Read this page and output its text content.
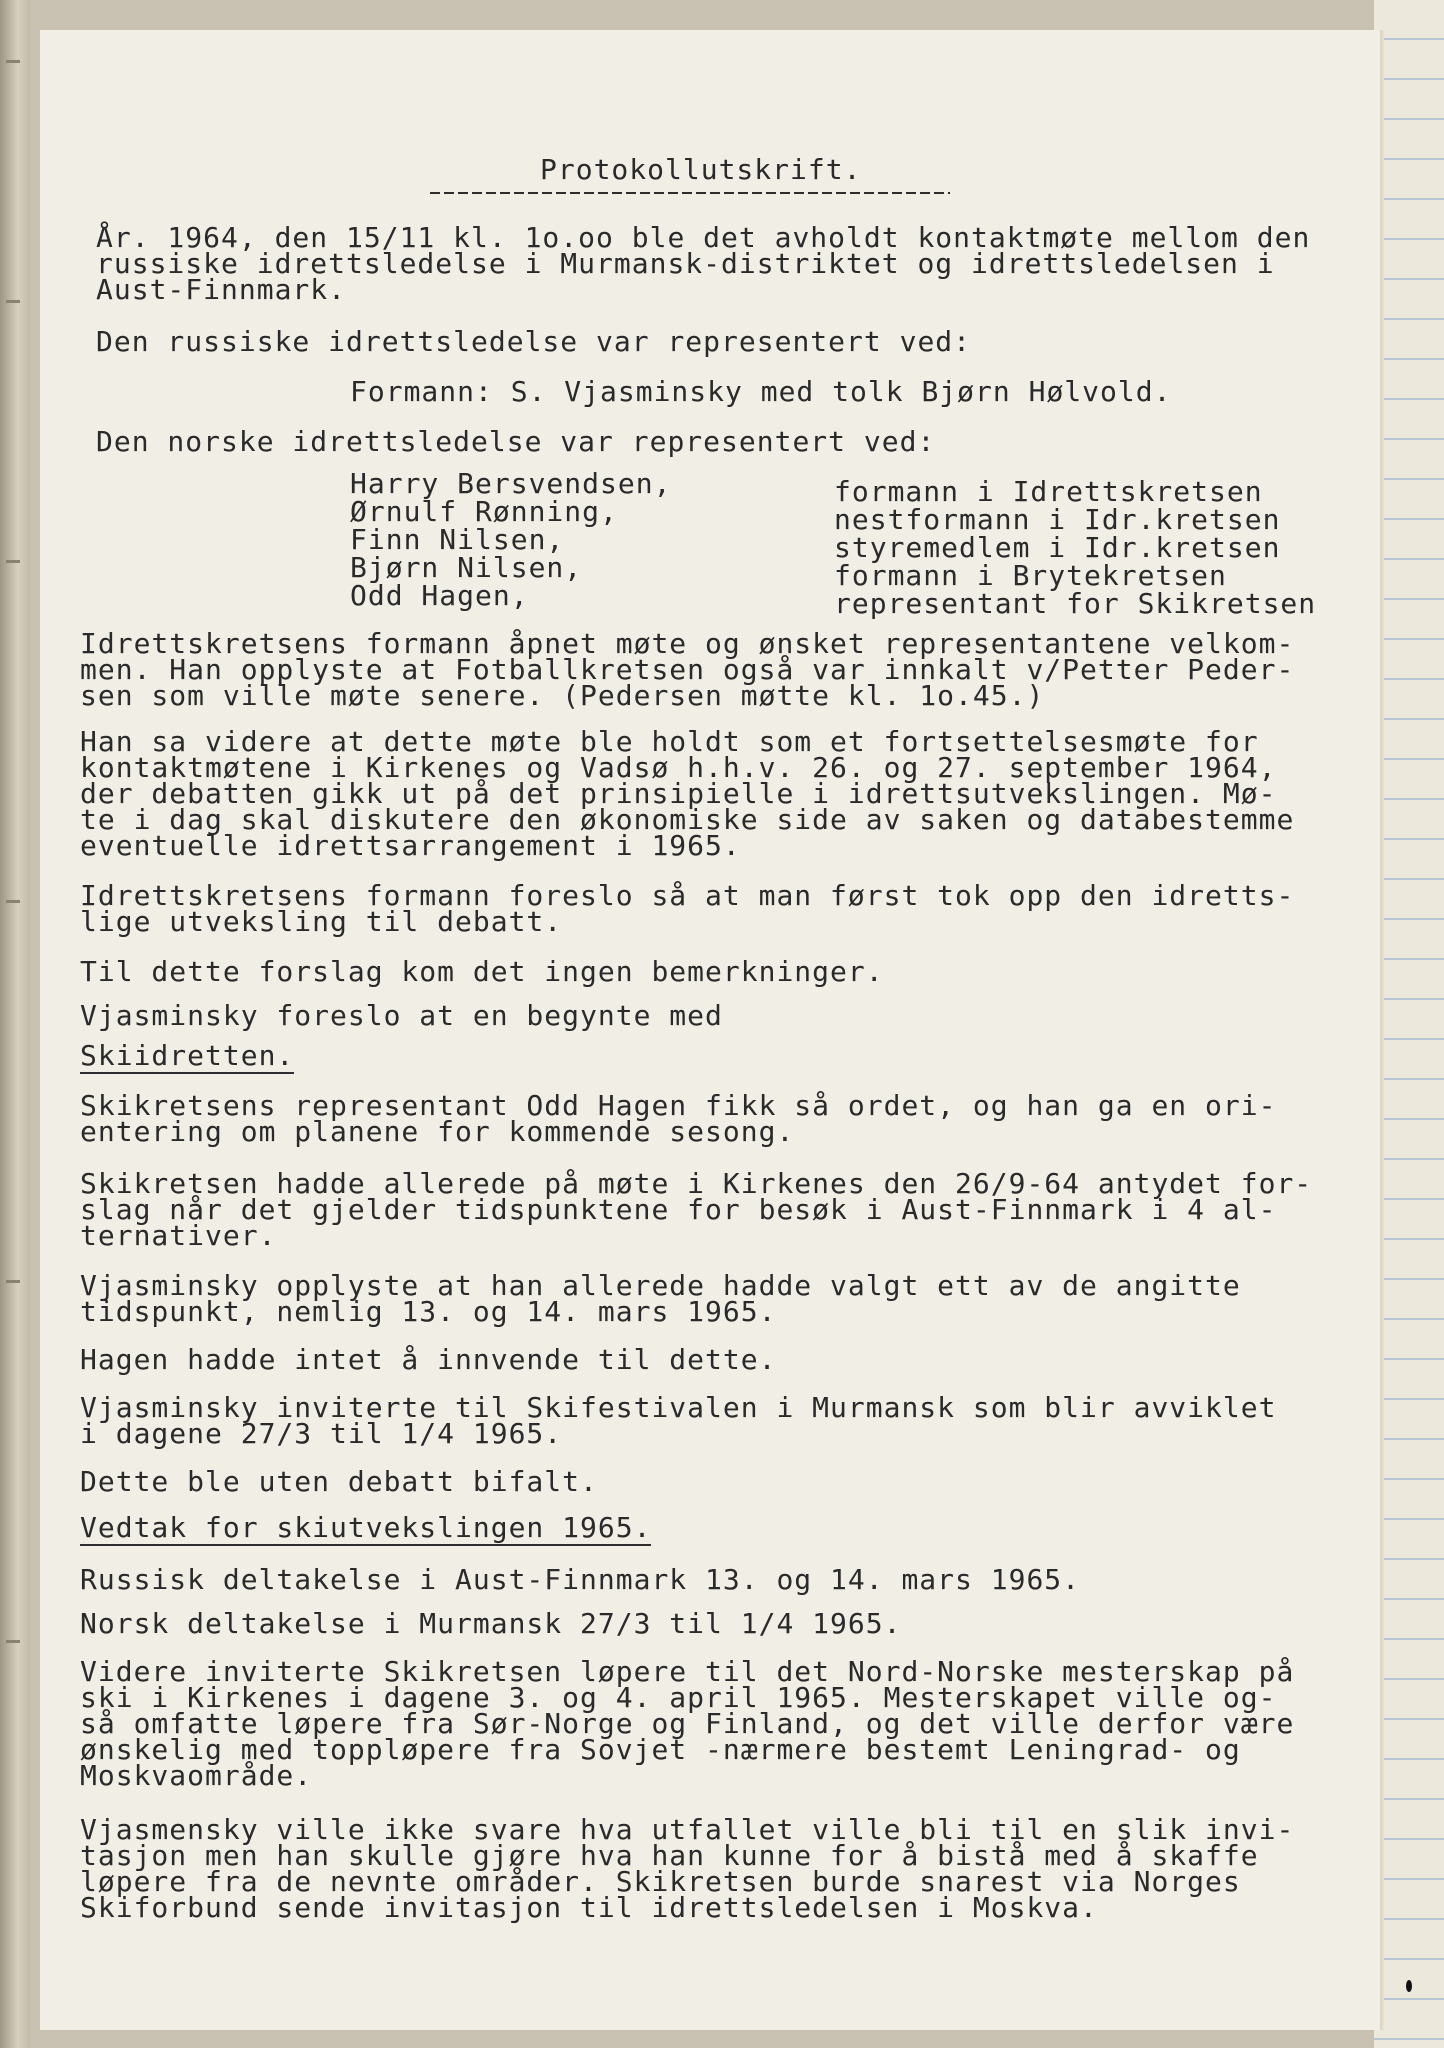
Protokollutskrift.
År. 1964, den 15/11 kl. 1o.oo ble det avholdt kontaktmøte mellom den
russiske idrettsledelse i Murmansk-distriktet og idrettsledelsen i
Aust-Finnmark.
Den russiske idrettsledelse var representert ved:
Formann: S. Vjasminsky med tolk Bjørn Hølvold.
Den norske idrettsledelse var representert ved:
Harry Bersvendsen,	formann i Idrettskretsen
Ørnulf Rønning,	nestformann i Idr.kretsen
Finn Nilsen,	styremedlem i Idr.kretsen
Bjørn Nilsen,	formann i Brytekretsen
Odd Hagen,	representant for Skikretsen
Idrettskretsens formann åpnet møte og ønsket representantene velkom-
men. Han opplyste at Fotballkretsen også var innkalt v/Petter Peder-
sen som ville møte senere. (Pedersen møtte kl. 1o.45.)
Han sa videre at dette møte ble holdt som et fortsettelsesmøte for
kontaktmøtene i Kirkenes og Vadsø h.h.v. 26. og 27. september 1964,
der debatten gikk ut på det prinsipielle i idrettsutvekslingen. Mø-
te i dag skal diskutere den økonomiske side av saken og databestemme
eventuelle idrettsarrangement i 1965.
Idrettskretsens formann foreslo så at man først tok opp den idretts-
lige utveksling til debatt.
Til dette forslag kom det ingen bemerkninger.
Vjasminsky foreslo at en begynte med
Skiidretten.
Skikretsens representant Odd Hagen fikk så ordet, og han ga en ori-
entering om planene for kommende sesong.
Skikretsen hadde allerede på møte i Kirkenes den 26/9-64 antydet for-
slag når det gjelder tidspunktene for besøk i Aust-Finnmark i 4 al-
ternativer.
Vjasminsky opplyste at han allerede hadde valgt ett av de angitte
tidspunkt, nemlig 13. og 14. mars 1965.
Hagen hadde intet å innvende til dette.
Vjasminsky inviterte til Skifestivalen i Murmansk som blir avviklet
i dagene 27/3 til 1/4 1965.
Dette ble uten debatt bifalt.
Vedtak for skiutvekslingen 1965.
Russisk deltakelse i Aust-Finnmark 13. og 14. mars 1965.
Norsk deltakelse i Murmansk 27/3 til 1/4 1965.
Videre inviterte Skikretsen løpere til det Nord-Norske mesterskap på
ski i Kirkenes i dagene 3. og 4. april 1965. Mesterskapet ville og-
så omfatte løpere fra Sør-Norge og Finland, og det ville derfor være
ønskelig med toppløpere fra Sovjet -nærmere bestemt Leningrad- og
Moskvaområde.
Vjasmensky ville ikke svare hva utfallet ville bli til en slik invi-
tasjon men han skulle gjøre hva han kunne for å bistå med å skaffe
løpere fra de nevnte områder. Skikretsen burde snarest via Norges
Skiforbund sende invitasjon til idrettsledelsen i Moskva.
